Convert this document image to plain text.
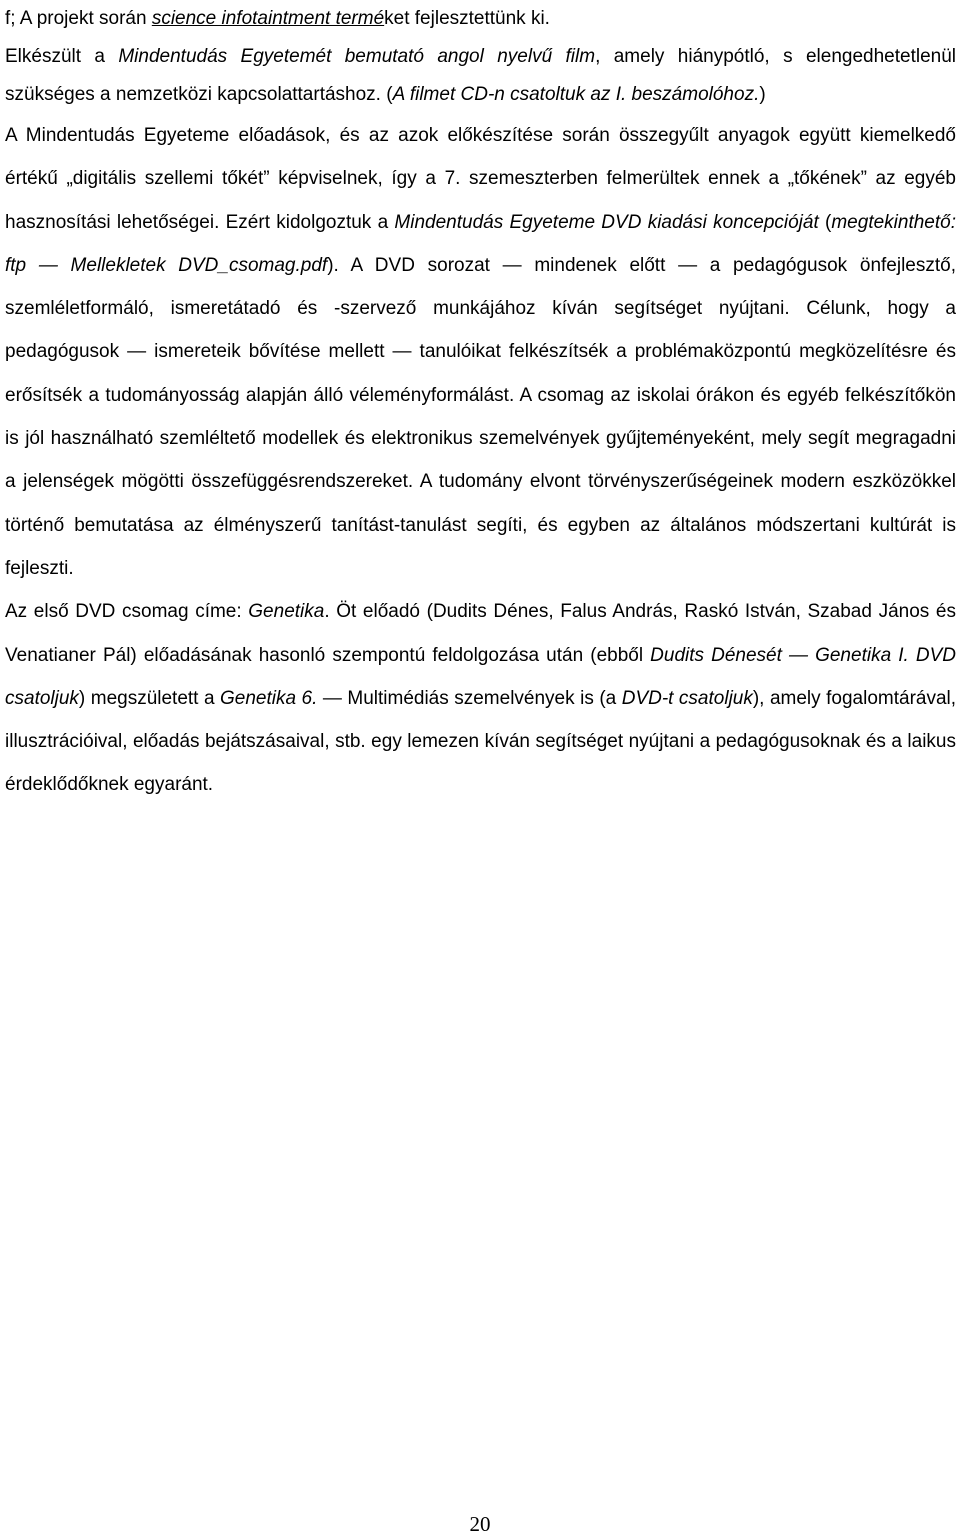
f; A projekt során science infotaintment terméket fejlesztettünk ki.
Elkészült a Mindentudás Egyetemét bemutató angol nyelvű film, amely hiánypótló, s elengedhetetlenül szükséges a nemzetközi kapcsolattartáshoz. (A filmet CD-n csatoltuk az I. beszámolóhoz.)

A Mindentudás Egyeteme előadások, és az azok előkészítése során összegyűlt anyagok együtt kiemelkedő értékű „digitális szellemi tőkét” képviselnek, így a 7. szemeszterben felmerültek ennek a „tőkének” az egyéb hasznosítási lehetőségei. Ezért kidolgoztuk a Mindentudás Egyeteme DVD kiadási koncepcióját (megtekinthető: ftp — Mellekletek DVD_csomag.pdf). A DVD sorozat — mindenek előtt — a pedagógusok önfejlesztő, szemléletformáló, ismeretátadó és -szervező munkájához kíván segítséget nyújtani. Célunk, hogy a pedagógusok — ismereteik bővítése mellett — tanulóikat felkészítsék a problémaközpontú megközelítésre és erősítsék a tudományosság alapján álló véleményformálást. A csomag az iskolai órákon és egyéb felkészítőkön is jól használható szemléltető modellek és elektronikus szemelvények gyűjteményeként, mely segít megragadni a jelenségek mögötti összefüggésrendszereket. A tudomány elvont törvényszerűségeinek modern eszközökkel történő bemutatása az élményszerű tanítást-tanulást segíti, és egyben az általános módszertani kultúrát is fejleszti.

Az első DVD csomag címe: Genetika. Öt előadó (Dudits Dénes, Falus András, Raskó István, Szabad János és Venatianer Pál) előadásának hasonló szempontú feldolgozása után (ebből Dudits Dénesét — Genetika I. DVD csatoljuk) megszületett a Genetika 6. — Multimédiás szemelvények is (a DVD-t csatoljuk), amely fogalomtárával, illusztrációival, előadás bejátszásaival, stb. egy lemezen kíván segítséget nyújtani a pedagógusoknak és a laikus érdeklődőknek egyaránt.

20
